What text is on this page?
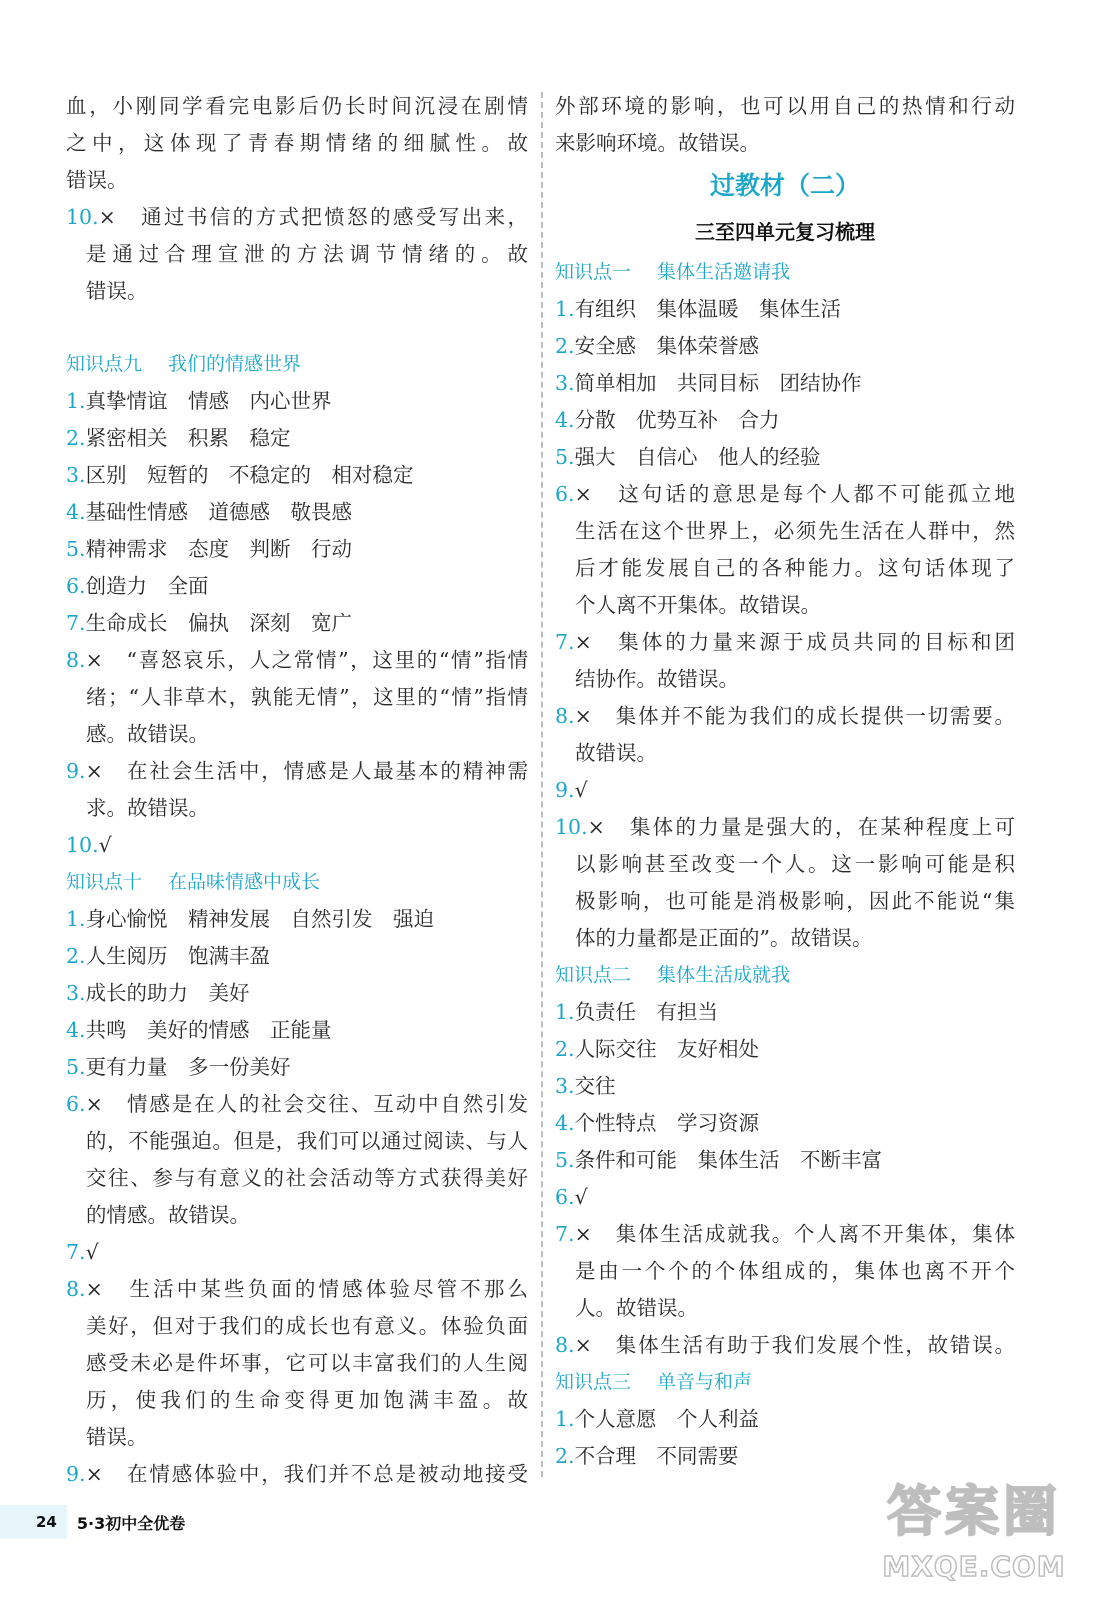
血，小刚同学看完电影后仍长时间沉浸在剧情
之中，这体现了青春期情绪的细腻性。故
错误。
10.×　通过书信的方式把愤怒的感受写出来，
是通过合理宣泄的方法调节情绪的。故
错误。
知识点九 我们的情感世界
1.真挚情谊　情感　内心世界
2.紧密相关　积累　稳定
3.区别　短暂的　不稳定的　相对稳定
4.基础性情感　道德感　敬畏感
5.精神需求　态度　判断　行动
6.创造力　全面
7.生命成长　偏执　深刻　宽广
8.×　“喜怒哀乐，人之常情”，这里的“情”指情
绪；“人非草木，孰能无情”，这里的“情”指情
感。故错误。
9.×　在社会生活中，情感是人最基本的精神需
求。故错误。
10.√
知识点十 在品味情感中成长
1.身心愉悦　精神发展　自然引发　强迫
2.人生阅历　饱满丰盈
3.成长的助力　美好
4.共鸣　美好的情感　正能量
5.更有力量　多一份美好
6.×　情感是在人的社会交往、互动中自然引发
的，不能强迫。但是，我们可以通过阅读、与人
交往、参与有意义的社会活动等方式获得美好
的情感。故错误。
7.√
8.×　生活中某些负面的情感体验尽管不那么
美好，但对于我们的成长也有意义。体验负面
感受未必是件坏事，它可以丰富我们的人生阅
历，使我们的生命变得更加饱满丰盈。故
错误。
9.×　在情感体验中，我们并不总是被动地接受
外部环境的影响，也可以用自己的热情和行动
来影响环境。故错误。
过教材（二）
三至四单元复习梳理
知识点一 集体生活邀请我
1.有组织　集体温暖　集体生活
2.安全感　集体荣誉感
3.简单相加　共同目标　团结协作
4.分散　优势互补　合力
5.强大　自信心　他人的经验
6.×　这句话的意思是每个人都不可能孤立地
生活在这个世界上，必须先生活在人群中，然
后才能发展自己的各种能力。这句话体现了
个人离不开集体。故错误。
7.×　集体的力量来源于成员共同的目标和团
结协作。故错误。
8.×　集体并不能为我们的成长提供一切需要。
故错误。
9.√
10.×　集体的力量是强大的，在某种程度上可
以影响甚至改变一个人。这一影响可能是积
极影响，也可能是消极影响，因此不能说“集
体的力量都是正面的”。故错误。
知识点二 集体生活成就我
1.负责任　有担当
2.人际交往　友好相处
3.交往
4.个性特点　学习资源
5.条件和可能　集体生活　不断丰富
6.√
7.×　集体生活成就我。个人离不开集体，集体
是由一个个的个体组成的，集体也离不开个
人。故错误。
8.×　集体生活有助于我们发展个性，故错误。
知识点三 单音与和声
1.个人意愿　个人利益
2.不合理　不同需要
24	5·3初中全优卷	答案圈
MXQE.COM
